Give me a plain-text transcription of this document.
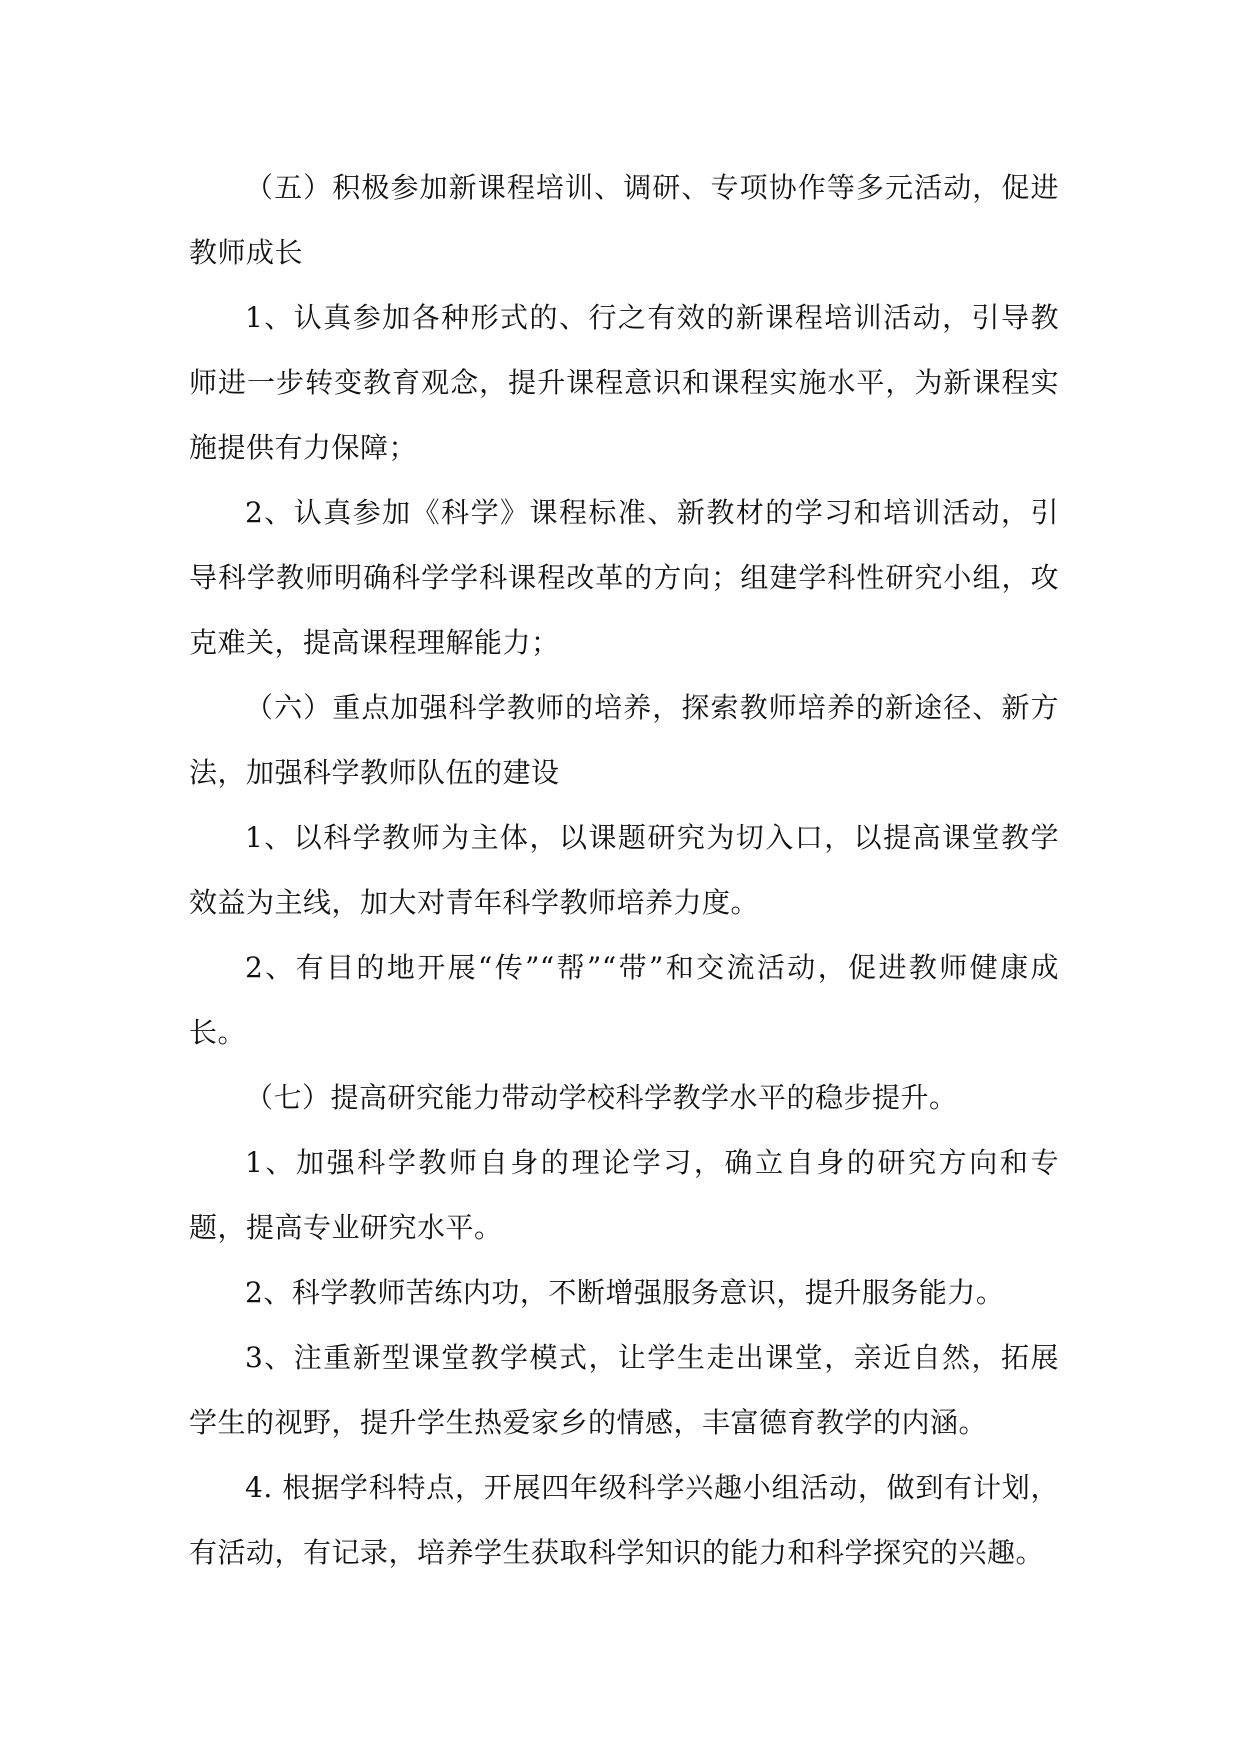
（五）积极参加新课程培训、调研、专项协作等多元活动，促进教师成长

1、认真参加各种形式的、行之有效的新课程培训活动，引导教师进一步转变教育观念，提升课程意识和课程实施水平，为新课程实施提供有力保障；

2、认真参加《科学》课程标准、新教材的学习和培训活动，引导科学教师明确科学学科课程改革的方向；组建学科性研究小组，攻克难关，提高课程理解能力；

（六）重点加强科学教师的培养，探索教师培养的新途径、新方法，加强科学教师队伍的建设

1、以科学教师为主体，以课题研究为切入口，以提高课堂教学效益为主线，加大对青年科学教师培养力度。

2、有目的地开展“传”“帮”“带”和交流活动，促进教师健康成长。

（七）提高研究能力带动学校科学教学水平的稳步提升。

1、加强科学教师自身的理论学习，确立自身的研究方向和专题，提高专业研究水平。

2、科学教师苦练内功，不断增强服务意识，提升服务能力。

3、注重新型课堂教学模式，让学生走出课堂，亲近自然，拓展学生的视野，提升学生热爱家乡的情感，丰富德育教学的内涵。

4. 根据学科特点，开展四年级科学兴趣小组活动，做到有计划，有活动，有记录，培养学生获取科学知识的能力和科学探究的兴趣。
